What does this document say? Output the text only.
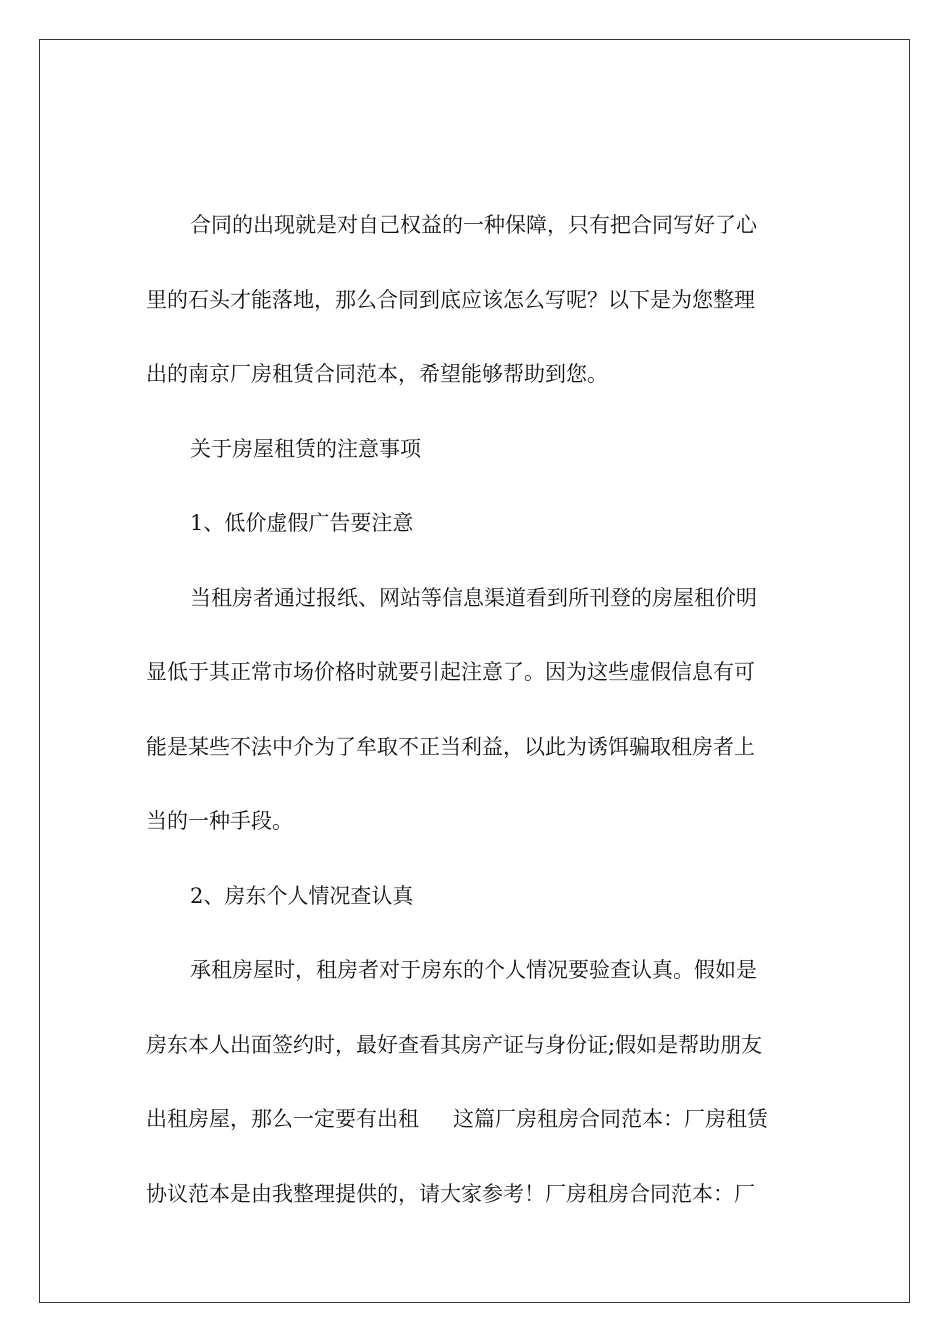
合同的出现就是对自己权益的一种保障，只有把合同写好了心
里的石头才能落地，那么合同到底应该怎么写呢？以下是为您整理
出的南京厂房租赁合同范本，希望能够帮助到您。
关于房屋租赁的注意事项
1、低价虚假广告要注意
当租房者通过报纸、网站等信息渠道看到所刊登的房屋租价明
显低于其正常市场价格时就要引起注意了。因为这些虚假信息有可
能是某些不法中介为了牟取不正当利益，以此为诱饵骗取租房者上
当的一种手段。
2、房东个人情况查认真
承租房屋时，租房者对于房东的个人情况要验查认真。假如是
房东本人出面签约时，最好查看其房产证与身份证;假如是帮助朋友
出租房屋，那么一定要有出租 这篇厂房租房合同范本：厂房租赁
协议范本是由我整理提供的，请大家参考！厂房租房合同范本：厂
